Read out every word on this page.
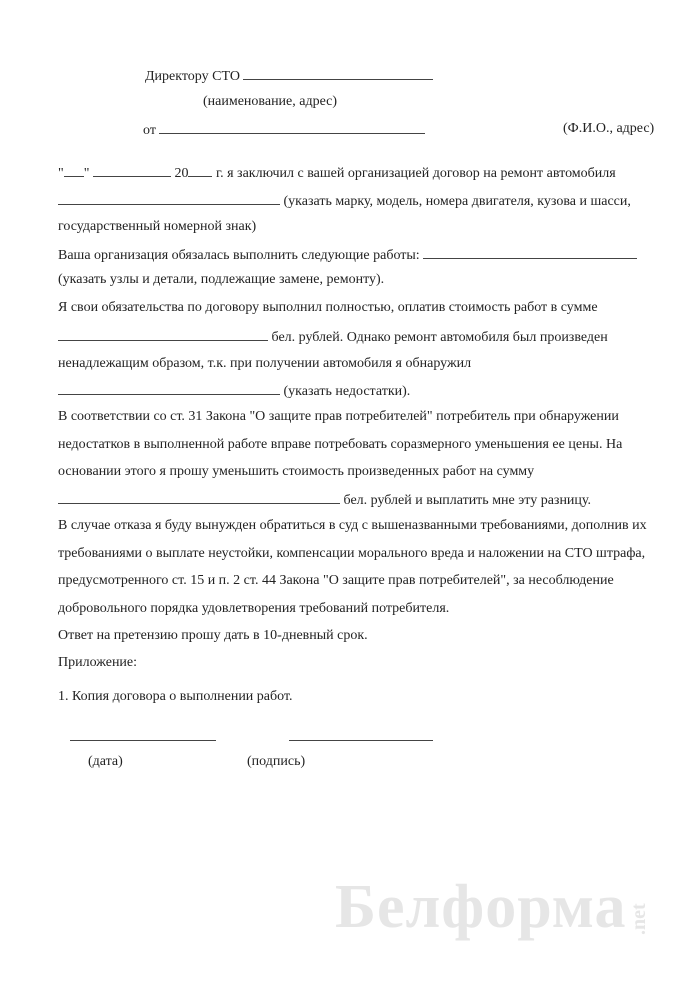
Директору СТО
(наименование, адрес)
от	(Ф.И.О., адрес)
" "	20 г. я заключил с вашей организацией договор на ремонт автомобиля
(указать марку, модель, номера двигателя, кузова и шасси,
государственный номерной знак)
Ваша организация обязалась выполнить следующие работы:
(указать узлы и детали, подлежащие замене, ремонту).
Я свои обязательства по договору выполнил полностью, оплатив стоимость работ в сумме
бел. рублей. Однако ремонт автомобиля был произведен
ненадлежащим образом, т.к. при получении автомобиля я обнаружил
(указать недостатки).
В соответствии со ст. 31 Закона "О защите прав потребителей" потребитель при обнаружении
недостатков в выполненной работе вправе потребовать соразмерного уменьшения ее цены. На
основании этого я прошу уменьшить стоимость произведенных работ на сумму
бел. рублей и выплатить мне эту разницу.
В случае отказа я буду вынужден обратиться в суд с вышеназванными требованиями, дополнив их
требованиями о выплате неустойки, компенсации морального вреда и наложении на СТО штрафа,
предусмотренного ст. 15 и п. 2 ст. 44 Закона "О защите прав потребителей", за несоблюдение
добровольного порядка удовлетворения требований потребителя.
Ответ на претензию прошу дать в 10-дневный срок.
Приложение:
1. Копия договора о выполнении работ.
(дата)	(подпись)
Белформа .net
